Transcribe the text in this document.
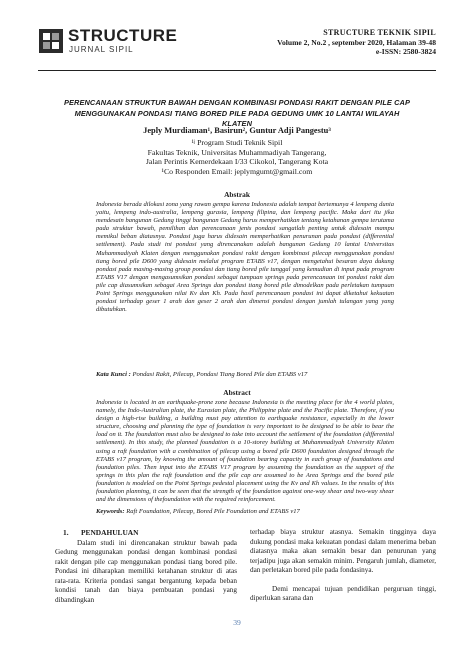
STRUCTURE
JURNAL SIPIL
STRUCTURE TEKNIK SIPIL
Volume 2, No.2 , september 2020, Halaman 39-48
e-ISSN: 2580-3824
PERENCANAAN STRUKTUR BAWAH DENGAN KOMBINASI PONDASI RAKIT DENGAN PILE CAP
MENGGUNAKAN PONDASI TIANG BORED PILE PADA GEDUNG UMK 10 LANTAI WILAYAH KLATEN
Jeply Murdiaman¹, Basirun², Guntur Adji Pangestu³
¹ʲ Program Studi Teknik Sipil
Fakultas Teknik, Universitas Muhammadiyah Tangerang,
Jalan Perintis Kemerdekaan I/33 Cikokol, Tangerang Kota
¹Co Responden Email: jeplymgumt@gmail.com
Abstrak
Indonesia berada dilokasi zona yang rawan gempa karena Indonesia adalah tempat bertemunya 4 lempeng dunia yaitu, lempeng indo-australia, lempeng gurasia, lempeng filipina, dan lempeng pacific. Maka dari itu jika mendesain bangunan Gedung tinggi bangunan Gedung harus memperhatikan tentang ketahanan gempa terutama pada struktur bawah, pemilihan dan perencanaan jenis pondasi sangatlah penting untuk didesain mampu memikul beban diatasnya. Pondasi juga harus didesain memperhatikan penurunan pada pondasi (differential settlement). Pada studi ini pondasi yang direncanakan adalah bangunan Gedung 10 lantai Universitas Muhammadiyah Klaten dengan menggunakan pondasi rakit dengan kombinasi pilecap menggunakan pondasi tiang bored pile D600 yang didesain melalui program ETABS v17, dengan mengetahui besaran daya dukung pondasi pada masing-masing group pondasi dan tiang bored pile tunggal yang kemudian di input pada program ETABS V17 dengan mengasumsikan pondasi sebagai tumpuan springs pada perencanaan ini pondasi rakit dan pile cap diasumsikan sebagai Area Springs dan pondasi tiang bored pile dimodelkan pada perletakan tumpuan Point Springs menggunakan nilai Kv dan Kh. Pada hasil perencanaan pondasi ini dapat diketahui kekuatan pondasi terhadap geser 1 arah dan geser 2 arah dan dimensi pondasi dengan jumlah tulangan yang yang dibutuhkan.
Kata Kunci : Pondasi Rakit, Pilecap, Pondasi Tiang Bored Pile dan ETABS v17
Abstract
Indonesia is located in an earthquake-prone zone because Indonesia is the meeting place for the 4 world plates, namely, the Indo-Australian plate, the Eurasian plate, the Philippine plate and the Pacific plate. Therefore, if you design a high-rise building, a building must pay attention to earthquake resistance, especially in the lower structure, choosing and planning the type of foundation is very important to be designed to be able to bear the load on it. The foundation must also be designed to take into account the settlement of the foundation (differential settlement). In this study, the planned foundation is a 10-storey building at Muhammadiyah University Klaten using a raft foundation with a combination of pilecap using a bored pile D600 foundation designed through the ETABS v17 program, by knowing the amount of foundation bearing capacity in each group of foundations and foundation piles. Then input into the ETABS V17 program by assuming the foundation as the support of the springs in this plan the raft foundation and the pile cap are assumed to be Area Springs and the bored pile foundation is modeled on the Point Springs pedestal placement using the Kv and Kh values. In the results of this foundation planning, it can be seen that the strength of the foundation against one-way shear and two-way shear and the dimensions of thefoundation with the required reinforcement.
Keywords: Raft Foundation, Pilecap, Bored Pile Foundation and ETABS v17
1. PENDAHULUAN

Dalam studi ini direncanakan struktur bawah pada Gedung menggunakan pondasi dengan kombinasi pondasi rakit dengan pile cap menggunakan pondasi tiang bored pile. Pondasi ini diharapkan memiliki ketahanan struktur di atas rata-rata. Kriteria pondasi sangat bergantung kepada beban kondisi tanah dan biaya pembuatan pondasi yang dibandingkan

terhadap biaya struktur atasnya. Semakin tingginya daya dukung pondasi maka kekuatan pondasi dalam menerima beban diatasnya maka akan semakin besar dan penurunan yang terjadipu juga akan semakin minim. Pengaruh jumlah, diameter, dan perletakan bored pile pada fondasinya.

Demi mencapai tujuan pendidikan perguruan tinggi, diperlukan sarana dan

39
